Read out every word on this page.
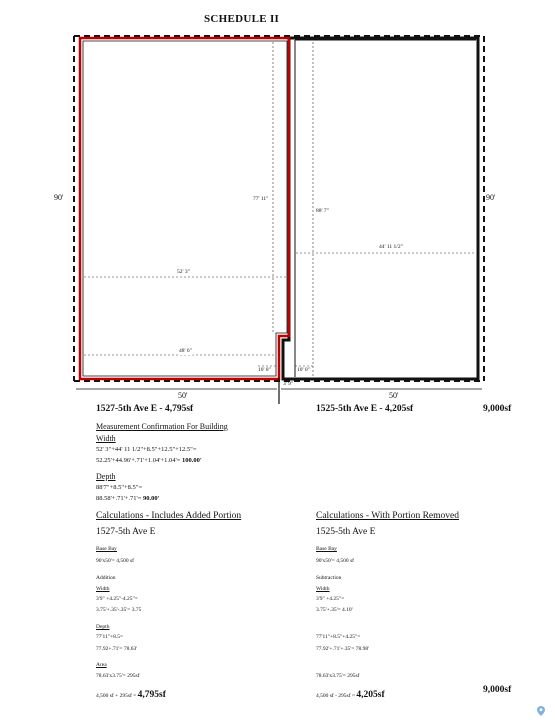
SCHEDULE II
90'	90'
77' 11"
88' 7"
44' 11 1/2"
52' 3"
48' 6"
10' 8"	10' 0"
3' 9"
50'	50'
1527-5th Ave E - 4,795sf	1525-5th Ave E - 4,205sf	9,000sf
Measurement Confirmation For Building
Width
52' 3"+44' 11 1/2"+8.5"+12.5"+12.5"=
52.25'+44.96'+.71'+1.04'+1.04'= 100.00'
Depth
88'7"+8.5"+8.5"=
88.58'+.71'+.71'= 90.00'
Calculations - Includes Added Portion
1527-5th Ave E
Base Bay
90'x50'= 4,500 sf
Addition
Width
3'9" +4.25"-4.25"=
3.75'+.35'-.35'= 3.75
Depth
77'11"+8.5=
77.92+.71'= 78.63'
Area
78.63'x3.75'= 295sf
4,500 sf + 295sf = 4,795sf
Calculations - With Portion Removed
1525-5th Ave E
Base Bay
90'x50'= 4,500 sf
Subtraction
Width
3'9" +4.25"=
3.75'+.35'= 4.10'
77'11"+8.5"+4.25"=
77.92'+.71'+.35'= 78.98'
78.63'x3.75'= 295sf
4,500 sf - 295sf = 4,205sf	9,000sf
